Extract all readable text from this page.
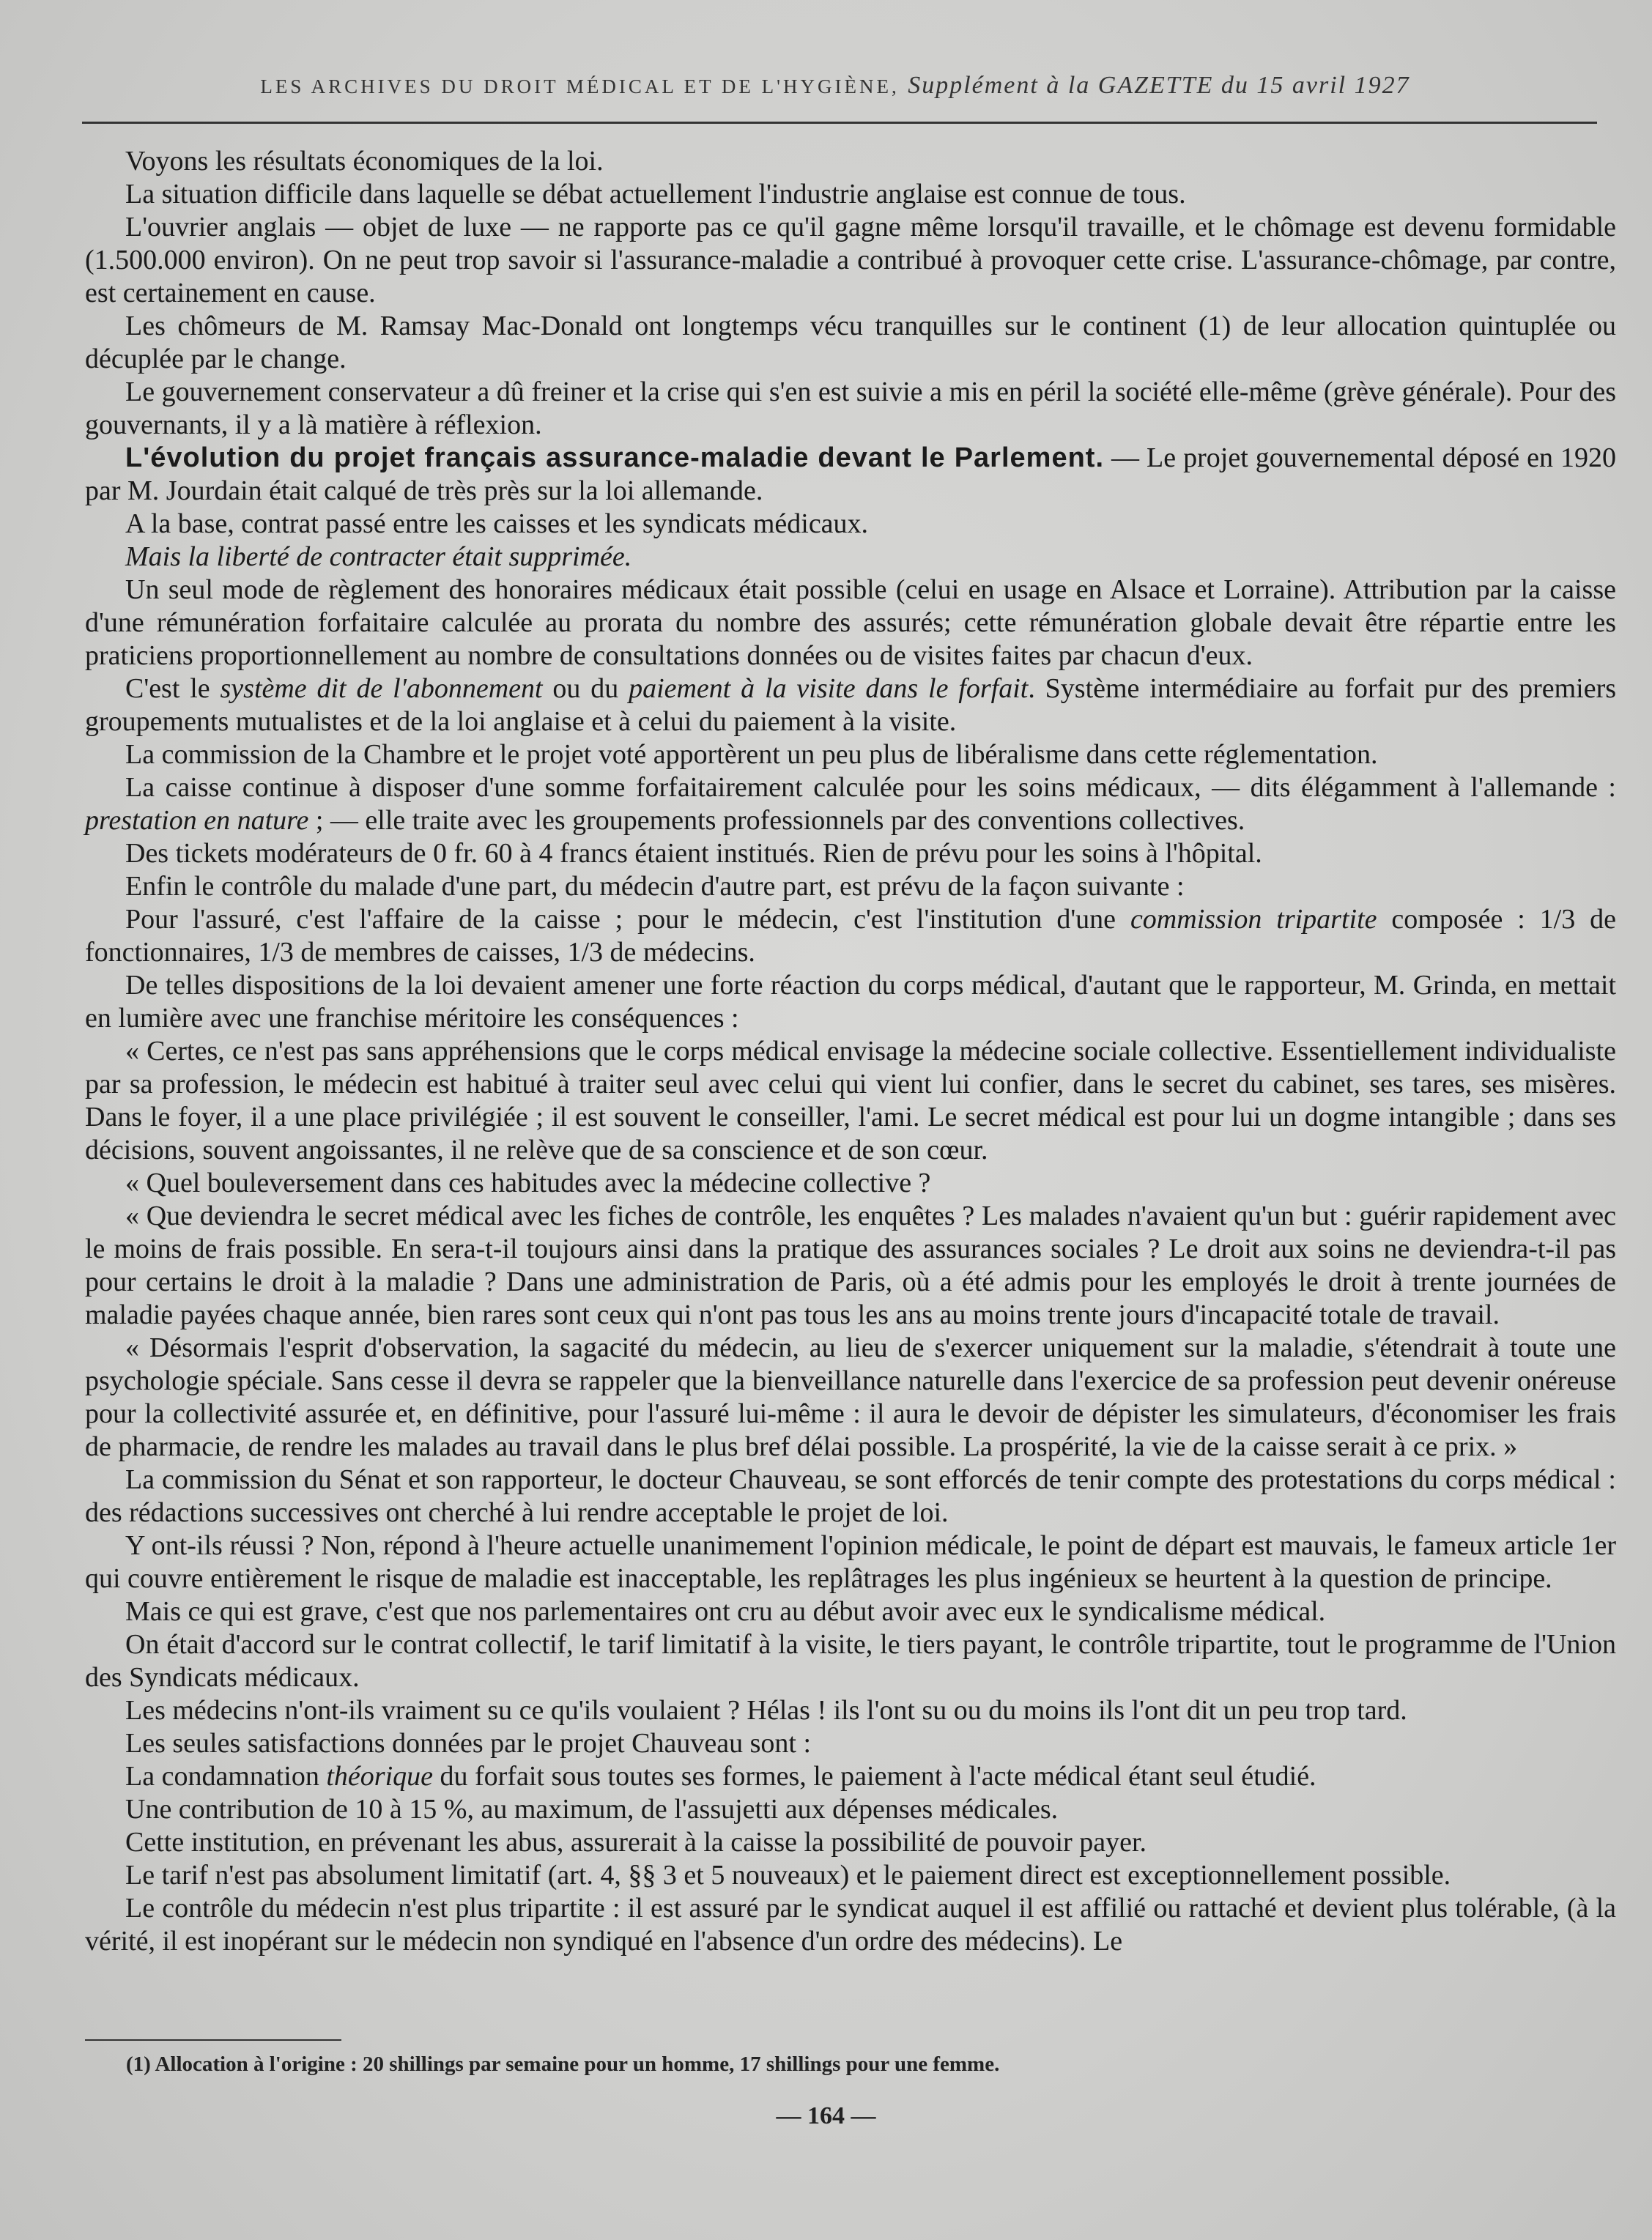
LES ARCHIVES DU DROIT MÉDICAL ET DE L'HYGIÈNE, Supplément à la GAZETTE du 15 avril 1927

Voyons les résultats économiques de la loi.

La situation difficile dans laquelle se débat actuellement l'industrie anglaise est connue de tous.

L'ouvrier anglais — objet de luxe — ne rapporte pas ce qu'il gagne même lorsqu'il travaille, et le chômage est devenu formidable (1.500.000 environ). On ne peut trop savoir si l'assurance-maladie a contribué à provoquer cette crise. L'assurance-chômage, par contre, est certainement en cause.

Les chômeurs de M. Ramsay Mac-Donald ont longtemps vécu tranquilles sur le continent (1) de leur allocation quintuplée ou décuplée par le change.

Le gouvernement conservateur a dû freiner et la crise qui s'en est suivie a mis en péril la société elle-même (grève générale). Pour des gouvernants, il y a là matière à réflexion.

L'évolution du projet français assurance-maladie devant le Parlement. — Le projet gouvernemental déposé en 1920 par M. Jourdain était calqué de très près sur la loi allemande.

A la base, contrat passé entre les caisses et les syndicats médicaux.

Mais la liberté de contracter était supprimée.

Un seul mode de règlement des honoraires médicaux était possible (celui en usage en Alsace et Lorraine). Attribution par la caisse d'une rémunération forfaitaire calculée au prorata du nombre des assurés; cette rémunération globale devait être répartie entre les praticiens proportionnellement au nombre de consultations données ou de visites faites par chacun d'eux.

C'est le système dit de l'abonnement ou du paiement à la visite dans le forfait. Système intermédiaire au forfait pur des premiers groupements mutualistes et de la loi anglaise et à celui du paiement à la visite.

La commission de la Chambre et le projet voté apportèrent un peu plus de libéralisme dans cette réglementation.

La caisse continue à disposer d'une somme forfaitairement calculée pour les soins médicaux, — dits élégamment à l'allemande : prestation en nature ; — elle traite avec les groupements professionnels par des conventions collectives.

Des tickets modérateurs de 0 fr. 60 à 4 francs étaient institués. Rien de prévu pour les soins à l'hôpital.

Enfin le contrôle du malade d'une part, du médecin d'autre part, est prévu de la façon suivante :

Pour l'assuré, c'est l'affaire de la caisse ; pour le médecin, c'est l'institution d'une commission tripartite composée : 1/3 de fonctionnaires, 1/3 de membres de caisses, 1/3 de médecins.

De telles dispositions de la loi devaient amener une forte réaction du corps médical, d'autant que le rapporteur, M. Grinda, en mettait en lumière avec une franchise méritoire les conséquences :

« Certes, ce n'est pas sans appréhensions que le corps médical envisage la médecine sociale collective. Essentiellement individualiste par sa profession, le médecin est habitué à traiter seul avec celui qui vient lui confier, dans le secret du cabinet, ses tares, ses misères. Dans le foyer, il a une place privilégiée ; il est souvent le conseiller, l'ami. Le secret médical est pour lui un dogme intangible ; dans ses décisions, souvent angoissantes, il ne relève que de sa conscience et de son cœur.

« Quel bouleversement dans ces habitudes avec la médecine collective ?

« Que deviendra le secret médical avec les fiches de contrôle, les enquêtes ? Les malades n'avaient qu'un but : guérir rapidement avec le moins de frais possible. En sera-t-il toujours ainsi dans la pratique des assurances sociales ? Le droit aux soins ne deviendra-t-il pas pour certains le droit à la maladie ? Dans une administration de Paris, où a été admis pour les employés le droit à trente journées de maladie payées chaque année, bien rares sont ceux qui n'ont pas tous les ans au moins trente jours d'incapacité totale de travail.

« Désormais l'esprit d'observation, la sagacité du médecin, au lieu de s'exercer uniquement sur la maladie, s'étendrait à toute une psychologie spéciale. Sans cesse il devra se rappeler que la bienveillance naturelle dans l'exercice de sa profession peut devenir onéreuse pour la collectivité assurée et, en définitive, pour l'assuré lui-même : il aura le devoir de dépister les simulateurs, d'économiser les frais de pharmacie, de rendre les malades au travail dans le plus bref délai possible. La prospérité, la vie de la caisse serait à ce prix. »

La commission du Sénat et son rapporteur, le docteur Chauveau, se sont efforcés de tenir compte des protestations du corps médical : des rédactions successives ont cherché à lui rendre acceptable le projet de loi.

Y ont-ils réussi ? Non, répond à l'heure actuelle unanimement l'opinion médicale, le point de départ est mauvais, le fameux article 1er qui couvre entièrement le risque de maladie est inacceptable, les replâtrages les plus ingénieux se heurtent à la question de principe.

Mais ce qui est grave, c'est que nos parlementaires ont cru au début avoir avec eux le syndicalisme médical.

On était d'accord sur le contrat collectif, le tarif limitatif à la visite, le tiers payant, le contrôle tripartite, tout le programme de l'Union des Syndicats médicaux.

Les médecins n'ont-ils vraiment su ce qu'ils voulaient ? Hélas ! ils l'ont su ou du moins ils l'ont dit un peu trop tard.

Les seules satisfactions données par le projet Chauveau sont :

La condamnation théorique du forfait sous toutes ses formes, le paiement à l'acte médical étant seul étudié.

Une contribution de 10 à 15 %, au maximum, de l'assujetti aux dépenses médicales.

Cette institution, en prévenant les abus, assurerait à la caisse la possibilité de pouvoir payer.

Le tarif n'est pas absolument limitatif (art. 4, §§ 3 et 5 nouveaux) et le paiement direct est exceptionnellement possible.

Le contrôle du médecin n'est plus tripartite : il est assuré par le syndicat auquel il est affilié ou rattaché et devient plus tolérable, (à la vérité, il est inopérant sur le médecin non syndiqué en l'absence d'un ordre des médecins). Le

(1) Allocation à l'origine : 20 shillings par semaine pour un homme, 17 shillings pour une femme.
— 164 —
